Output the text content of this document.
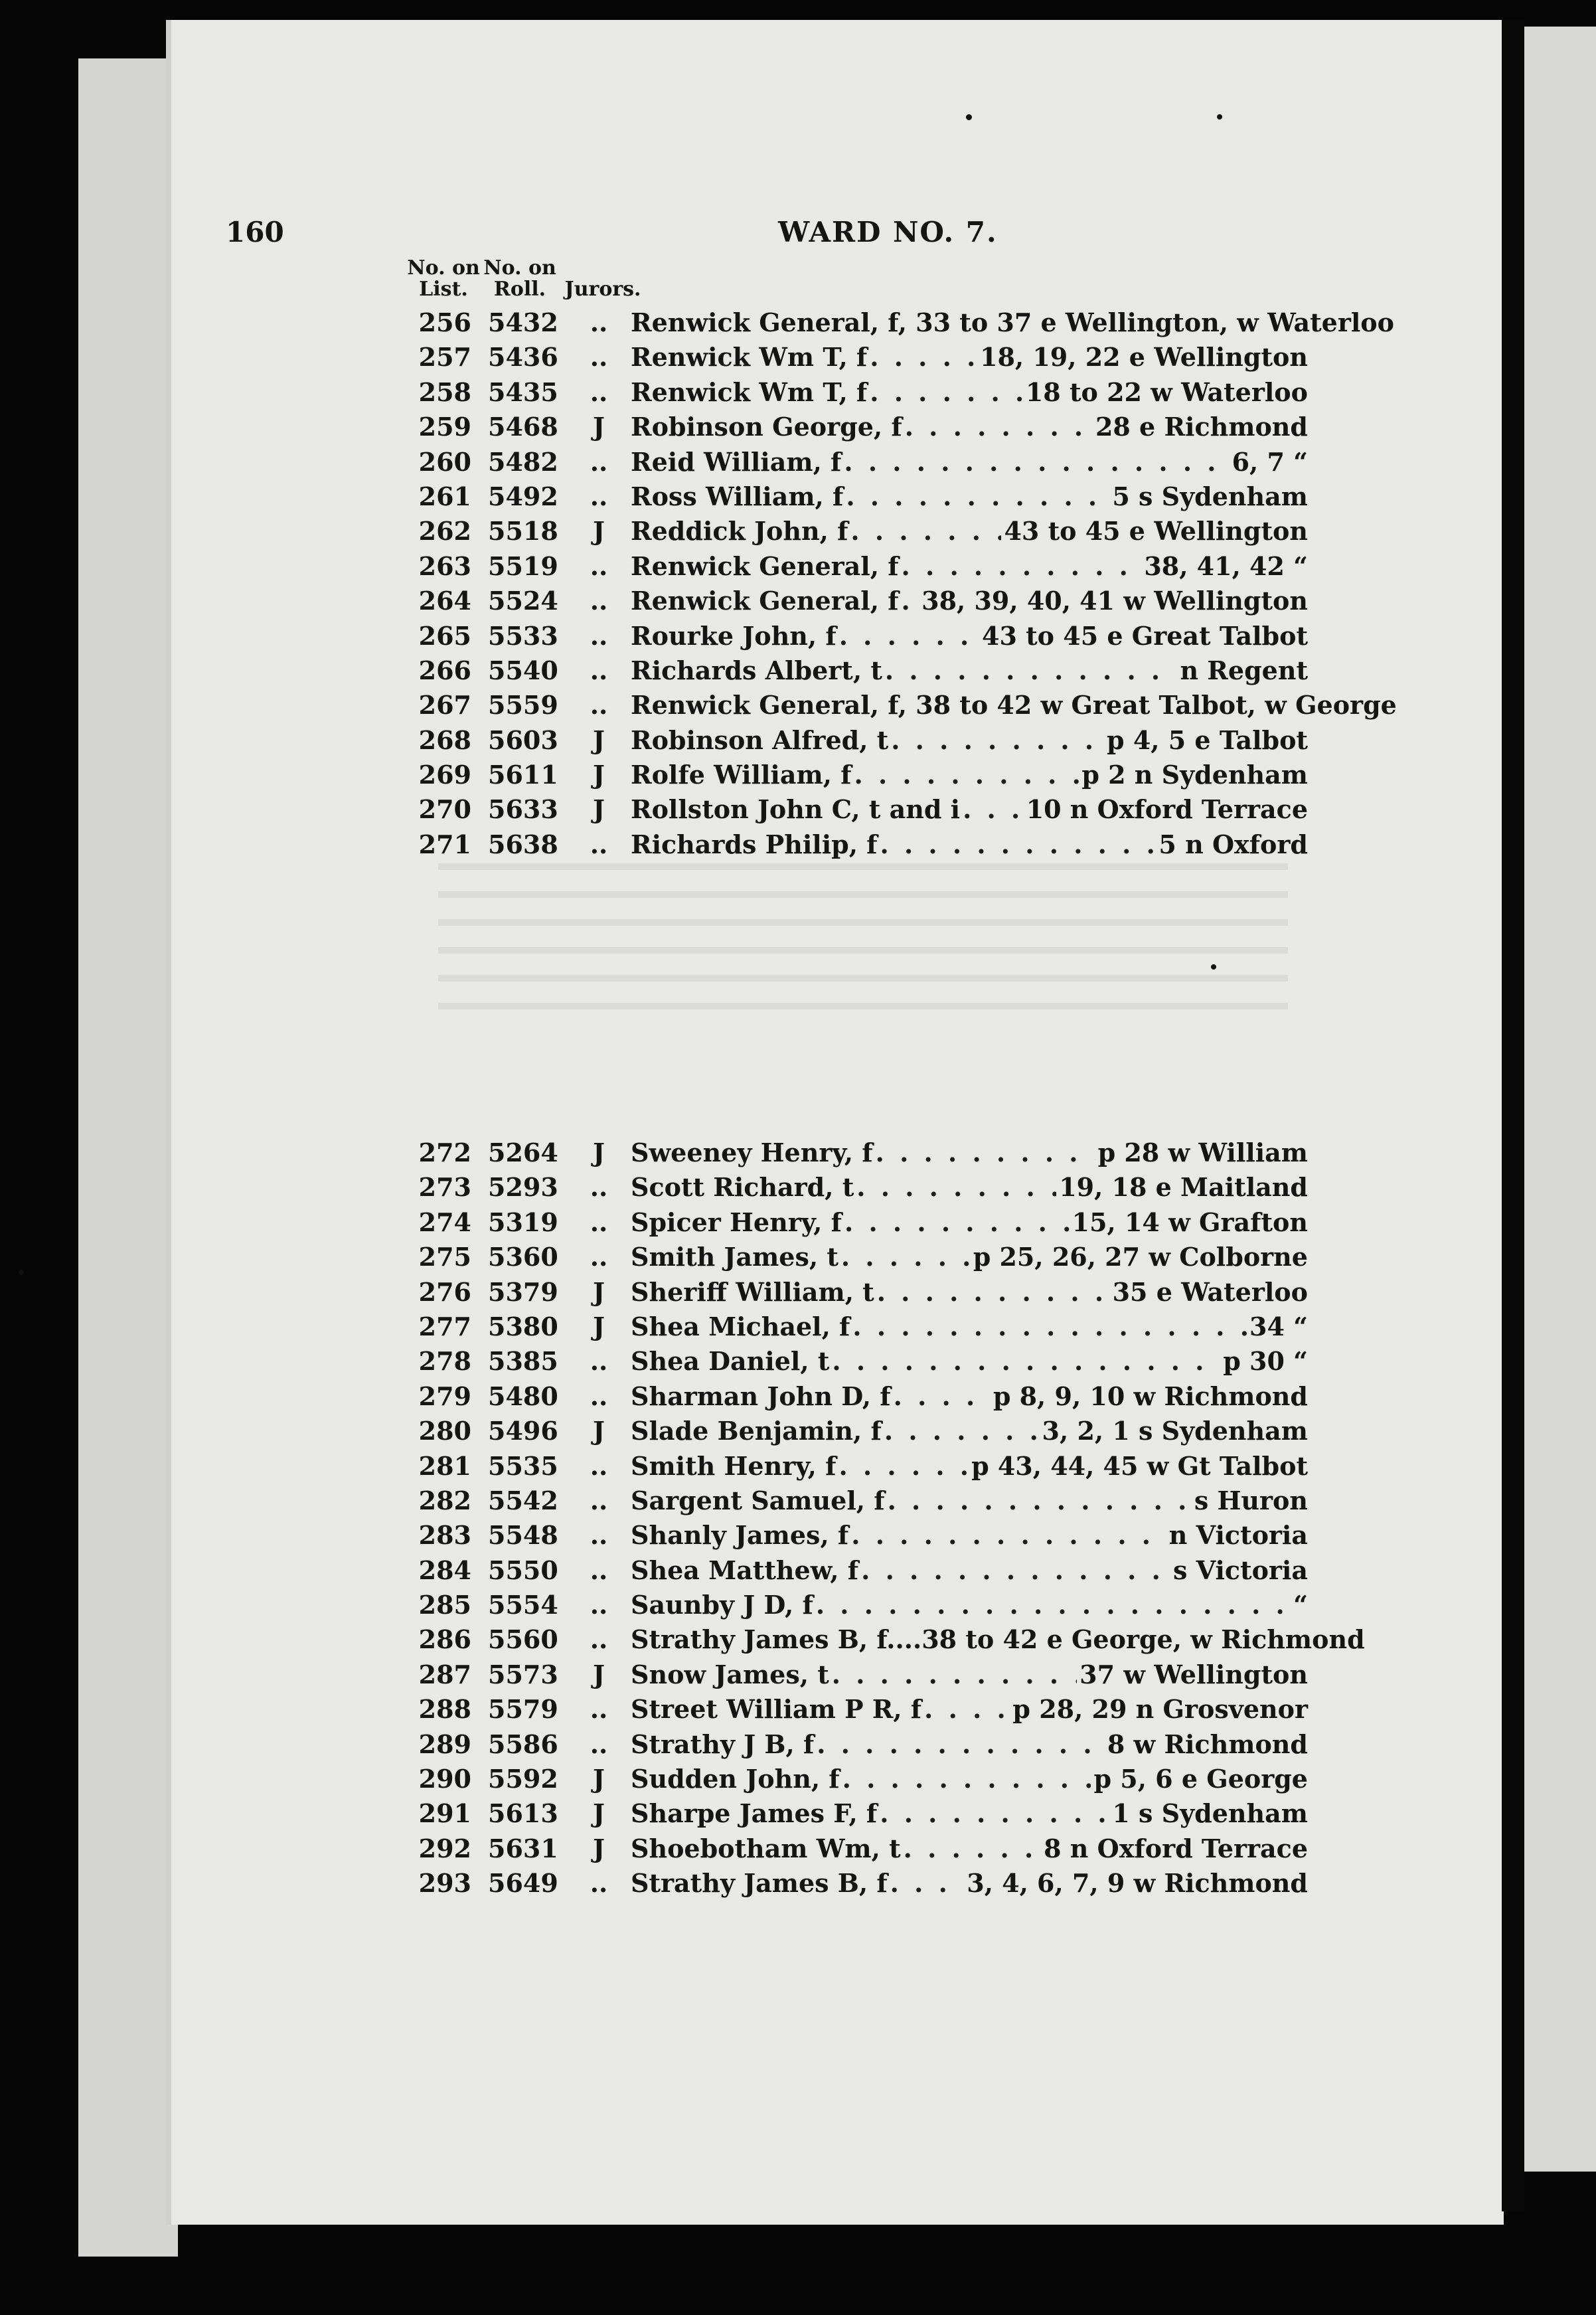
160	WARD NO. 7.
No. on
List.
No. on
Roll. Jurors.
256 5432	.. Renwick General, f, 33 to 37 e Wellington, w Waterloo
257 5436	.. Renwick Wm T, f . . .	18, 19, 22 e Wellington
258 5435	.. Renwick Wm T, f . . .	18 to 22 w Waterloo
259 5468	J	Robinson George, f . . .	28 e Richmond
260 5482	.. Reid William, f . . .	6, 7 “
261 5492	.. Ross William, f . . .	5 s Sydenham
262 5518	J	Reddick John, f . . .	43 to 45 e Wellington
263 5519	.. Renwick General, f . . .	38, 41, 42 “
264 5524	.. Renwick General, f . . . 38, 39, 40, 41 w Wellington
265 5533	.. Rourke John, f . . .	43 to 45 e Great Talbot
266 5540	.. Richards Albert, t . . .	n Regent
267 5559	.. Renwick General, f, 38 to 42 w Great Talbot, w George
268 5603	J	Robinson Alfred, t . . .	p 4, 5 e Talbot
269 5611	J	Rolfe William, f . . .	p 2 n Sydenham
270 5633	J	Rollston John C, t and i . . .	10 n Oxford Terrace
271 5638	.. Richards Philip, f . . .	5 n Oxford
272 5264	J	Sweeney Henry, f . . .	p 28 w William
273 5293	.. Scott Richard, t . . .	19, 18 e Maitland
274 5319	.. Spicer Henry, f . . .	15, 14 w Grafton
275 5360	.. Smith James, t . . .	p 25, 26, 27 w Colborne
276 5379	J	Sheriff William, t . . .	35 e Waterloo
277 5380	J	Shea Michael, f . . .	34 “
278 5385	.. Shea Daniel, t . . .	p 30 “
279 5480	.. Sharman John D, f . . .	p 8, 9, 10 w Richmond
280 5496	J	Slade Benjamin, f . . .	3, 2, 1 s Sydenham
281 5535	.. Smith Henry, f . . .	p 43, 44, 45 w Gt Talbot
282 5542	.. Sargent Samuel, f . . .	s Huron
283 5548	.. Shanly James, f . . .	n Victoria
284 5550	.. Shea Matthew, f . . .	s Victoria
285 5554	.. Saunby J D, f . . .	“
286 5560	.. Strathy James B, f....38 to 42 e George, w Richmond
287 5573	J	Snow James, t . . .	37 w Wellington
288 5579	.. Street William P R, f . . .	p 28, 29 n Grosvenor
289 5586	.. Strathy J B, f . . .	8 w Richmond
290 5592	J	Sudden John, f . . .	p 5, 6 e George
291 5613	J	Sharpe James F, f . . .	1 s Sydenham
292 5631	J	Shoebotham Wm, t . . .	8 n Oxford Terrace
293 5649	.. Strathy James B, f . . .	3, 4, 6, 7, 9 w Richmond
